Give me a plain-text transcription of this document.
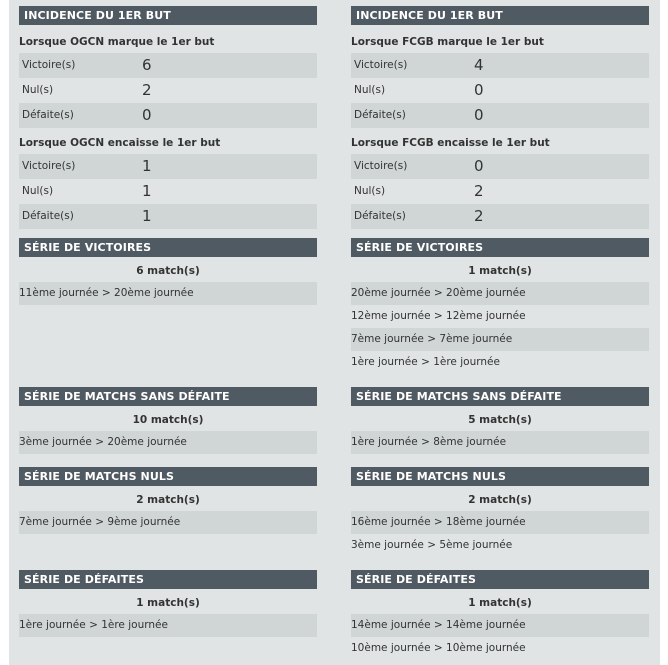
INCIDENCE DU 1ER BUT
Lorsque OGCN marque le 1er but
Victoire(s)	6
Nul(s)	2
Défaite(s)	0
Lorsque OGCN encaisse le 1er but
Victoire(s)	1
Nul(s)	1
Défaite(s)	1
SÉRIE DE VICTOIRES
6 match(s)
11ème journée > 20ème journée
SÉRIE DE MATCHS SANS DÉFAITE
10 match(s)
3ème journée > 20ème journée
SÉRIE DE MATCHS NULS
2 match(s)
7ème journée > 9ème journée
SÉRIE DE DÉFAITES
1 match(s)
1ère journée > 1ère journée
INCIDENCE DU 1ER BUT
Lorsque FCGB marque le 1er but
Victoire(s)	4
Nul(s)	0
Défaite(s)	0
Lorsque FCGB encaisse le 1er but
Victoire(s)	0
Nul(s)	2
Défaite(s)	2
SÉRIE DE VICTOIRES
1 match(s)
20ème journée > 20ème journée
12ème journée > 12ème journée
7ème journée > 7ème journée
1ère journée > 1ère journée
SÉRIE DE MATCHS SANS DÉFAITE
5 match(s)
1ère journée > 8ème journée
SÉRIE DE MATCHS NULS
2 match(s)
16ème journée > 18ème journée
3ème journée > 5ème journée
SÉRIE DE DÉFAITES
1 match(s)
14ème journée > 14ème journée
10ème journée > 10ème journée
